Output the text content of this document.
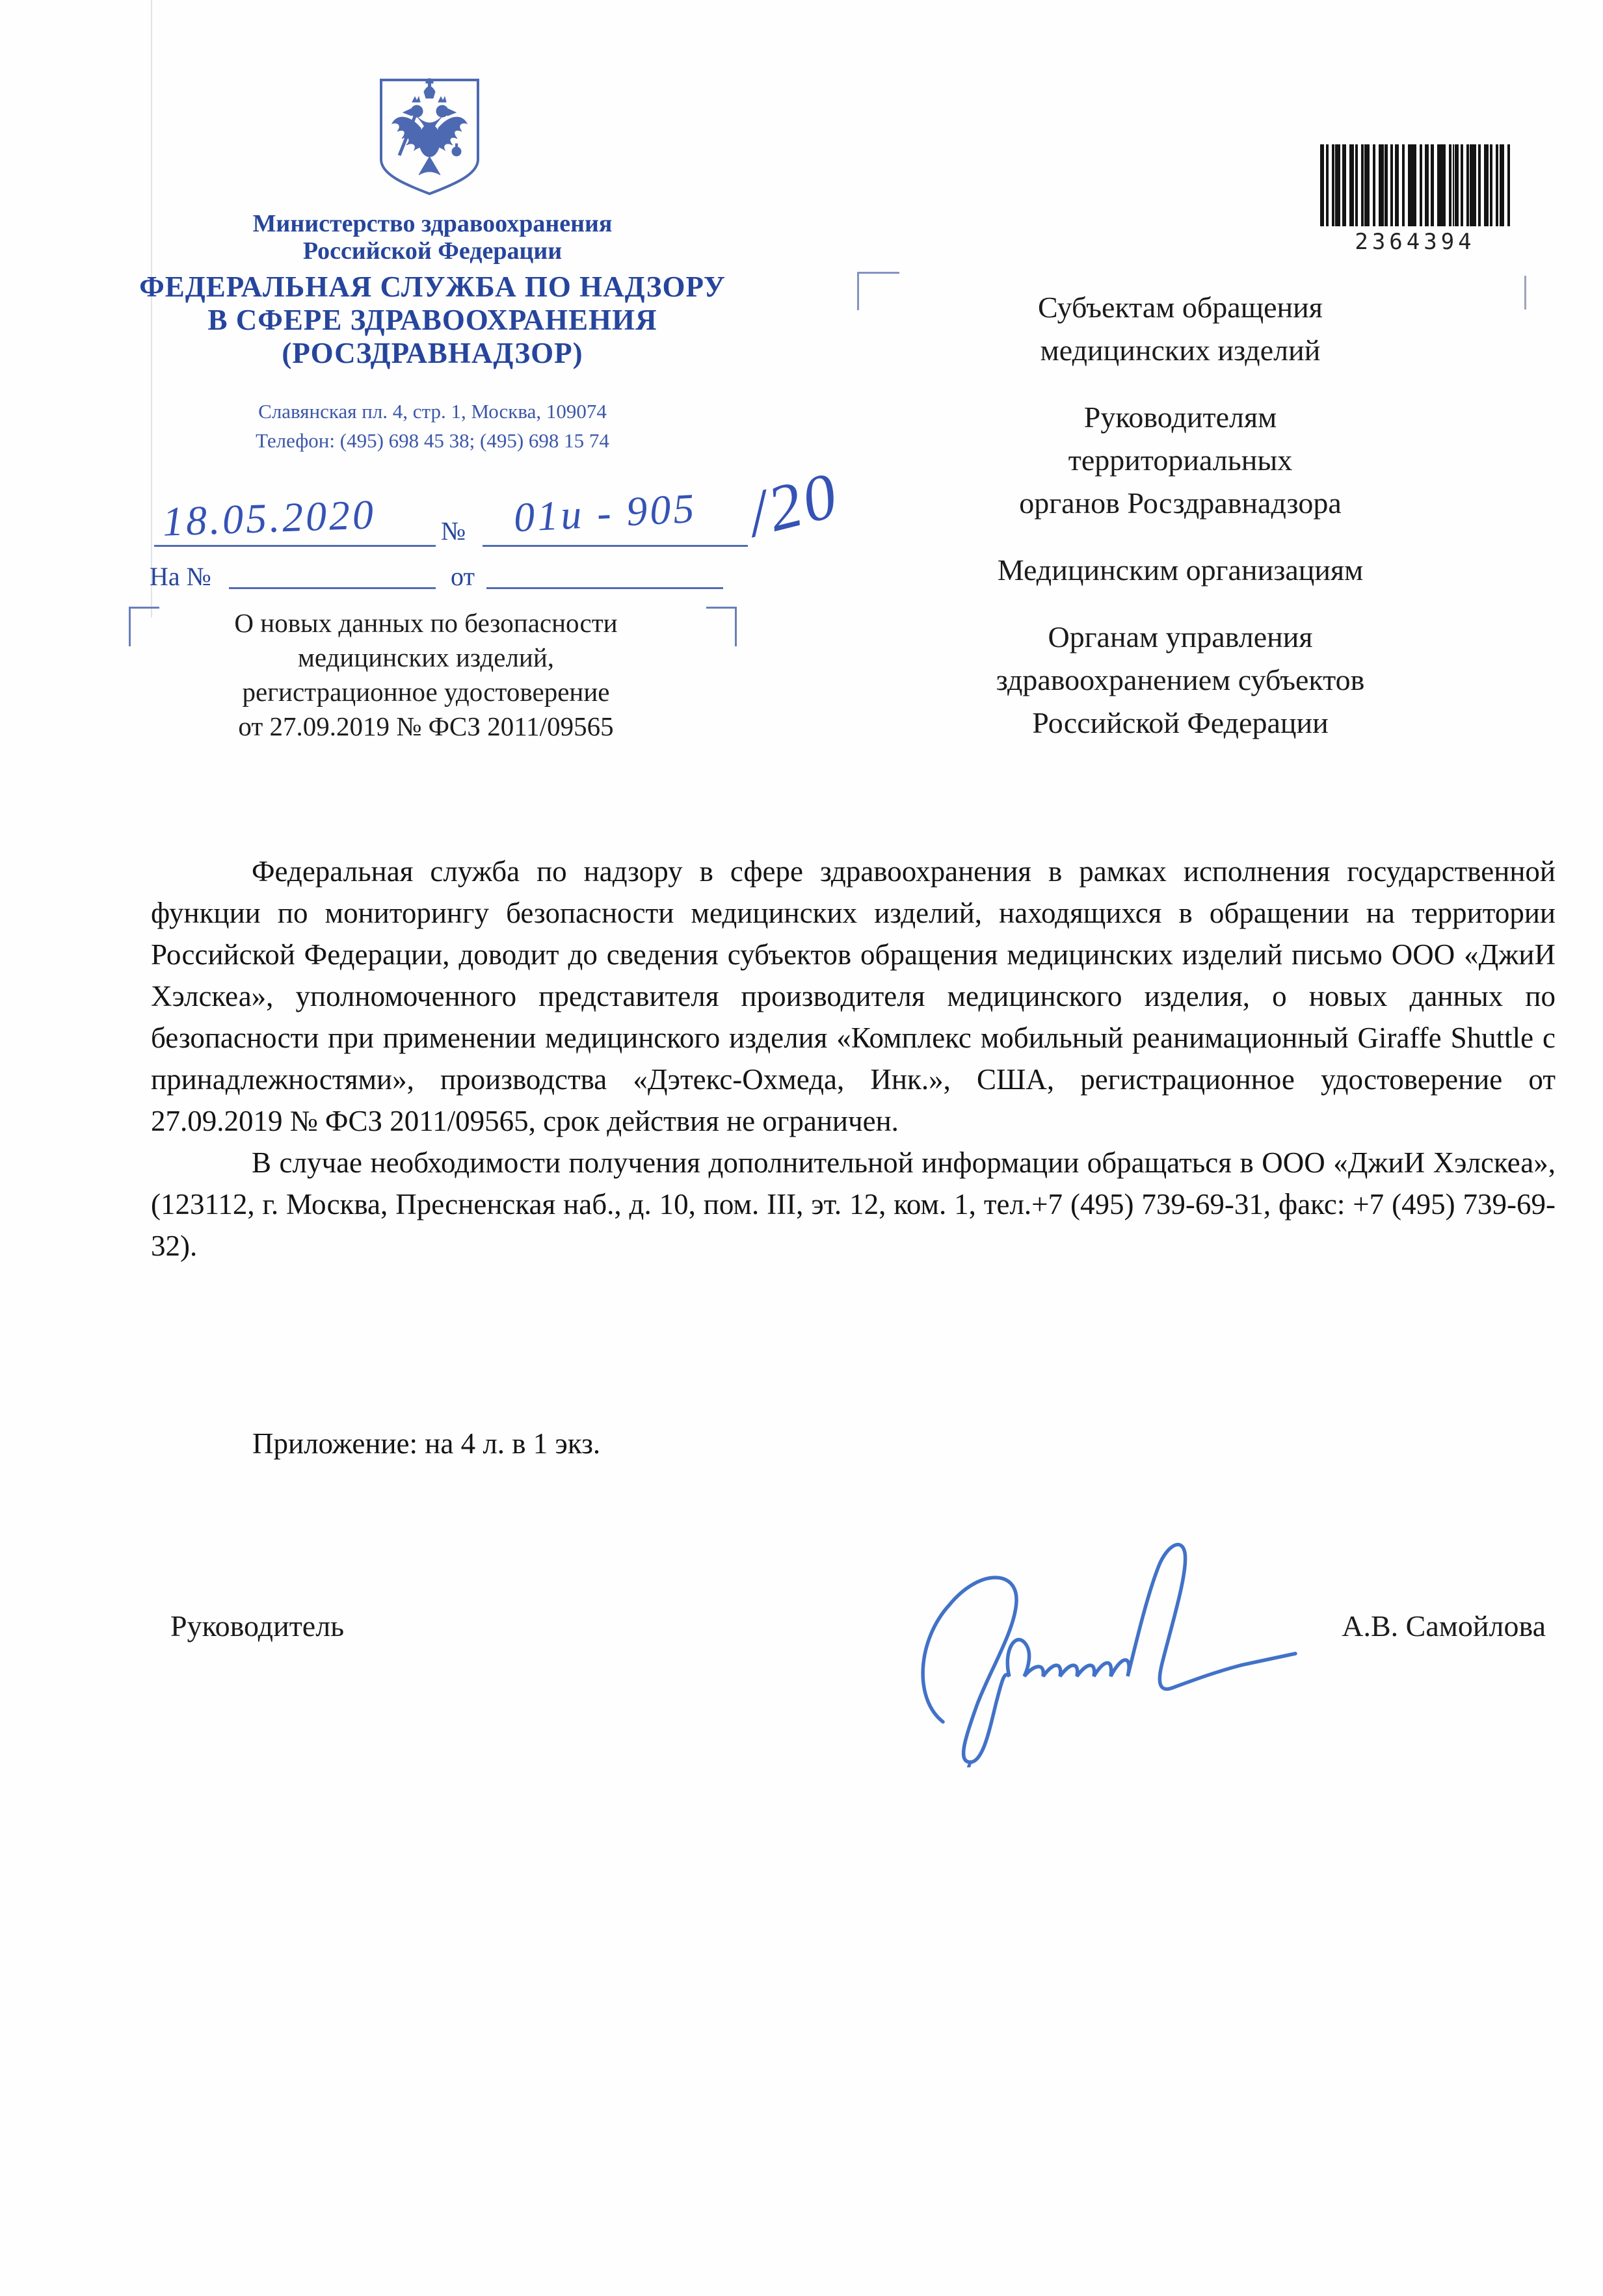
Министерство здравоохранения
Российской Федерации
ФЕДЕРАЛЬНАЯ СЛУЖБА ПО НАДЗОРУ
В СФЕРЕ ЗДРАВООХРАНЕНИЯ
(РОСЗДРАВНАДЗОР)
Славянская пл. 4, стр. 1, Москва, 109074
Телефон: (495) 698 45 38; (495) 698 15 74
2364394
18.05.2020 № 01и - 905 /20
На №	от
О новых данных по безопасности
медицинских изделий,
регистрационное удостоверение
от 27.09.2019 № ФСЗ 2011/09565
Субъектам обращения
медицинских изделий
Руководителям
территориальных
органов Росздравнадзора
Медицинским организациям
Органам управления
здравоохранением субъектов
Российской Федерации

Федеральная служба по надзору в сфере здравоохранения в рамках исполнения государственной функции по мониторингу безопасности медицинских изделий, находящихся в обращении на территории Российской Федерации, доводит до сведения субъектов обращения медицинских изделий письмо ООО «ДжиИ Хэлскеа», уполномоченного представителя производителя медицинского изделия, о новых данных по безопасности при применении медицинского изделия «Комплекс мобильный реанимационный Giraffe Shuttle с принадлежностями», производства «Дэтекс-Охмеда, Инк.», США, регистрационное удостоверение от 27.09.2019 № ФСЗ 2011/09565, срок действия не ограничен.

В случае необходимости получения дополнительной информации обращаться в ООО «ДжиИ Хэлскеа», (123112, г. Москва, Пресненская наб., д. 10, пом. III, эт. 12, ком. 1, тел.+7 (495) 739-69-31, факс: +7 (495) 739-69-32).

Приложение: на 4 л. в 1 экз.
Руководитель	А.В. Самойлова
